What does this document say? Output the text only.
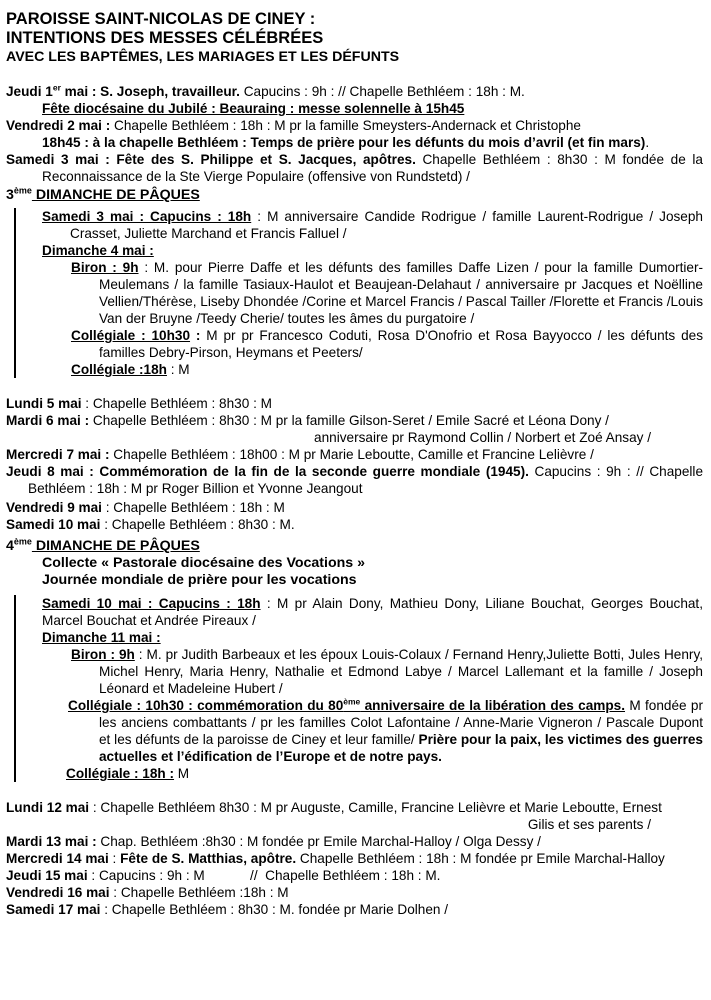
PAROISSE SAINT-NICOLAS DE CINEY :

INTENTIONS DES MESSES CÉLÉBRÉES

AVEC LES BAPTÊMES, LES MARIAGES ET LES DÉFUNTS

Jeudi 1er mai : S. Joseph, travailleur. Capucins : 9h : // Chapelle Bethléem : 18h : M.

Fête diocésaine du Jubilé : Beauraing : messe solennelle à 15h45

Vendredi 2 mai : Chapelle Bethléem : 18h : M pr la famille Smeysters-Andernack et Christophe

18h45 : à la chapelle Bethléem : Temps de prière pour les défunts du mois d’avril (et fin mars).

Samedi 3 mai : Fête des S. Philippe et S. Jacques, apôtres. Chapelle Bethléem : 8h30 : M fondée de la Reconnaissance de la Ste Vierge Populaire (offensive von Rundstetd) /

3ème DIMANCHE DE PÂQUES

Samedi 3 mai : Capucins : 18h : M anniversaire Candide Rodrigue / famille Laurent-Rodrigue / Joseph Crasset, Juliette Marchand et Francis Falluel /

Dimanche 4 mai :

Biron : 9h : M. pour Pierre Daffe et les défunts des familles Daffe Lizen / pour la famille Dumortier-Meulemans / la famille Tasiaux-Haulot et Beaujean-Delahaut / anniversaire pr Jacques et Noëlline Vellien/Thérèse, Liseby Dhondée /Corine et Marcel Francis / Pascal Tailler /Florette et Francis /Louis Van der Bruyne /Teedy Cherie/ toutes les âmes du purgatoire /

Collégiale : 10h30 : M pr pr Francesco Coduti, Rosa D'Onofrio et Rosa Bayyocco / les défunts des familles Debry-Pirson, Heymans et Peeters/

Collégiale :18h : M

Lundi 5 mai : Chapelle Bethléem : 8h30 : M

Mardi 6 mai : Chapelle Bethléem : 8h30 : M pr la famille Gilson-Seret / Emile Sacré et Léona Dony /

anniversaire pr Raymond Collin / Norbert et Zoé Ansay /

Mercredi 7 mai : Chapelle Bethléem : 18h00 : M pr Marie Leboutte, Camille et Francine Lelièvre /

Jeudi 8 mai : Commémoration de la fin de la seconde guerre mondiale (1945). Capucins : 9h : // Chapelle Bethléem : 18h : M pr Roger Billion et Yvonne Jeangout

Vendredi 9 mai : Chapelle Bethléem : 18h : M

Samedi 10 mai : Chapelle Bethléem : 8h30 : M.

4ème DIMANCHE DE PÂQUES

Collecte « Pastorale diocésaine des Vocations »

Journée mondiale de prière pour les vocations

Samedi 10 mai : Capucins : 18h : M pr Alain Dony, Mathieu Dony, Liliane Bouchat, Georges Bouchat, Marcel Bouchat et Andrée Pireaux /

Dimanche 11 mai :

Biron : 9h : M. pr Judith Barbeaux et les époux Louis-Colaux / Fernand Henry,Juliette Botti, Jules Henry, Michel Henry, Maria Henry, Nathalie et Edmond Labye / Marcel Lallemant et la famille / Joseph Léonard et Madeleine Hubert /

Collégiale : 10h30 : commémoration du 80ème anniversaire de la libération des camps. M fondée pr les anciens combattants / pr les familles Colot Lafontaine / Anne-Marie Vigneron / Pascale Dupont et les défunts de la paroisse de Ciney et leur famille/ Prière pour la paix, les victimes des guerres actuelles et l’édification de l’Europe et de notre pays.

Collégiale : 18h : M

Lundi 12 mai : Chapelle Bethléem 8h30 : M pr Auguste, Camille, Francine Lelièvre et Marie Leboutte, Ernest

Gilis et ses parents /

Mardi 13 mai : Chap. Bethléem :8h30 : M fondée pr Emile Marchal-Halloy / Olga Dessy /

Mercredi 14 mai : Fête de S. Matthias, apôtre. Chapelle Bethléem : 18h : M fondée pr Emile Marchal-Halloy

Jeudi 15 mai : Capucins : 9h : M            //  Chapelle Bethléem : 18h : M.

Vendredi 16 mai : Chapelle Bethléem :18h : M

Samedi 17 mai : Chapelle Bethléem : 8h30 : M. fondée pr Marie Dolhen /
